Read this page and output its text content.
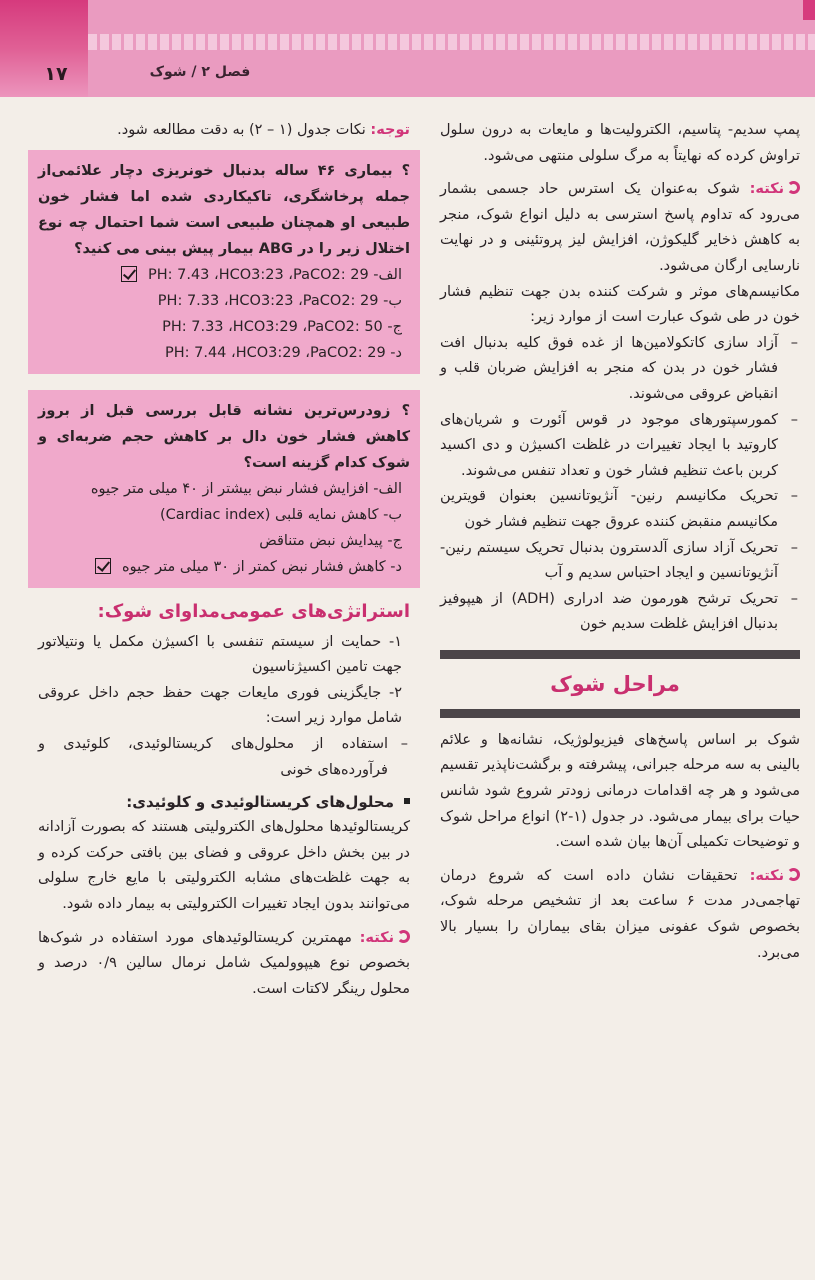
۱۷	فصل ۲ / شوک

پمپ سدیم- پتاسیم، الکترولیت‌ها و مایعات به درون سلول تراوش کرده که نهایتاً به مرگ سلولی منتهی می‌شود.

نکته: شوک به‌عنوان یک استرس حاد جسمی بشمار می‌رود که تداوم پاسخ استرسی به دلیل انواع شوک، منجر به کاهش ذخایر گلیکوژن، افزایش لیز پروتئینی و در نهایت نارسایی ارگان می‌شود.

مکانیسم‌های موثر و شرکت کننده بدن جهت تنظیم فشار خون در طی شوک عبارت است از موارد زیر:

– آزاد سازی کاتکولامین‌ها از غده فوق کلیه بدنبال افت فشار خون در بدن که منجر به افزایش ضربان قلب و انقباض عروقی می‌شوند.
– کمورسپتورهای موجود در قوس آئورت و شریان‌های کاروتید با ایجاد تغییرات در غلظت اکسیژن و دی اکسید کربن باعث تنظیم فشار خون و تعداد تنفس می‌شوند.
– تحریک مکانیسم رنین- آنژیوتانسین بعنوان قویترین مکانیسم منقبض کننده عروق جهت تنظیم فشار خون
– تحریک آزاد سازی آلدسترون بدنبال تحریک سیستم رنین- آنژیوتانسین و ایجاد احتباس سدیم و آب
– تحریک ترشح هورمون ضد ادراری (ADH) از هیپوفیز بدنبال افزایش غلظت سدیم خون
مراحل شوک

شوک بر اساس پاسخ‌های فیزیولوژیک، نشانه‌ها و علائم بالینی به سه مرحله جبرانی، پیشرفته و برگشت‌ناپذیر تقسیم می‌شود و هر چه اقدامات درمانی زودتر شروع شود شانس حیات برای بیمار می‌شود. در جدول (۱-۲) انواع مراحل شوک و توضیحات تکمیلی آن‌ها بیان شده است.

نکته: تحقیقات نشان داده است که شروع درمان تهاجمی‌در مدت ۶ ساعت بعد از تشخیص مرحله شوک، بخصوص شوک عفونی میزان بقای بیماران را بسیار بالا می‌برد.

توجه: نکات جدول (۱ – ۲) به دقت مطالعه شود.

؟ بیماری ۴۶ ساله بدنبال خونریزی دچار علائمی‌از جمله پرخاشگری، تاکیکاردی شده اما فشار خون طبیعی او همچنان طبیعی است شما احتمال چه نوع اختلال زیر را در ABG بیمار پیش بینی می کنید؟

الف- PH: 7.43 ،HCO3:23 ،PaCO2: 29
ب- PH: 7.33 ،HCO3:23 ،PaCO2: 29
ج- PH: 7.33 ،HCO3:29 ،PaCO2: 50
د- PH: 7.44 ،HCO3:29 ،PaCO2: 29

؟ زودرس‌ترین نشانه قابل بررسی قبل از بروز کاهش فشار خون دال بر کاهش حجم ضربه‌ای و شوک کدام گزینه است؟

الف- افزایش فشار نبض بیشتر از ۴۰ میلی متر جیوه
ب- کاهش نمایه قلبی (Cardiac index)
ج- پیدایش نبض متناقض
د- کاهش فشار نبض کمتر از ۳۰ میلی متر جیوه

استراتژی‌های عمومی‌مداوای شوک:

۱- حمایت از سیستم تنفسی با اکسیژن مکمل یا ونتیلاتور جهت تامین اکسیژناسیون
۲- جایگزینی فوری مایعات جهت حفظ حجم داخل عروقی شامل موارد زیر است:
– استفاده از محلول‌های کریستالوئیدی، کلوئیدی و فرآورده‌های خونی

محلول‌های کریستالوئیدی و کلوئیدی:

کریستالوئیدها محلول‌های الکترولیتی هستند که بصورت آزادانه در بین بخش داخل عروقی و فضای بین بافتی حرکت کرده و به جهت غلظت‌های مشابه الکترولیتی با مایع خارج سلولی می‌توانند بدون ایجاد تغییرات الکترولیتی به بیمار داده شود.

نکته: مهمترین کریستالوئیدهای مورد استفاده در شوک‌ها بخصوص نوع هیپوولمیک شامل نرمال سالین ۰/۹ درصد و محلول رینگر لاکتات است.
